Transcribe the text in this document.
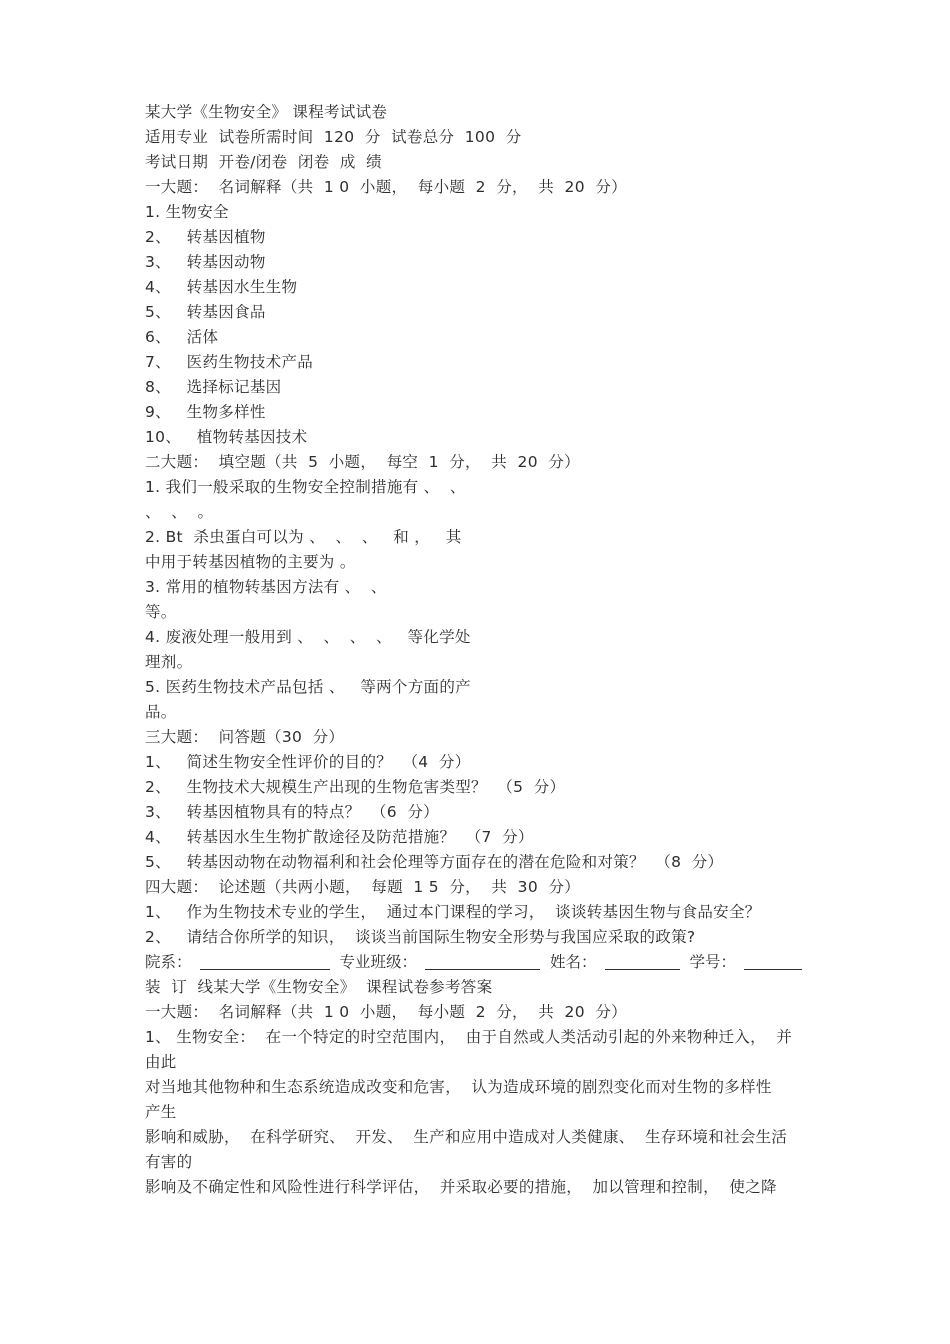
某大学《生物安全》 课程考试试卷
适用专业  试卷所需时间  120  分  试卷总分  100  分
考试日期  开卷/闭卷  闭卷  成  绩
一大题：  名词解释（共  1 0  小题，  每小题  2  分，  共  20  分）
1. 生物安全
2、   转基因植物
3、   转基因动物
4、   转基因水生生物
5、   转基因食品
6、   活体
7、   医药生物技术产品
8、   选择标记基因
9、   生物多样性
10、   植物转基因技术
二大题：  填空题（共  5  小题，  每空  1  分，  共  20  分）
1. 我们一般采取的生物安全控制措施有 、  、
、  、  。
2. Bt  杀虫蛋白可以为 、  、  、   和 ，   其
中用于转基因植物的主要为 。
3. 常用的植物转基因方法有 、  、
等。
4. 废液处理一般用到 、  、  、  、   等化学处
理剂。
5. 医药生物技术产品包括 、   等两个方面的产
品。
三大题：  问答题（30  分）
1、   简述生物安全性评价的目的？  （4  分）
2、   生物技术大规模生产出现的生物危害类型？  （5  分）
3、   转基因植物具有的特点？  （6  分）
4、   转基因水生生物扩散途径及防范措施？  （7  分）
5、   转基因动物在动物福利和社会伦理等方面存在的潜在危险和对策？  （8  分）
四大题：  论述题（共两小题，  每题  1 5  分，  共  30  分）
1、   作为生物技术专业的学生，  通过本门课程的学习，  谈谈转基因生物与食品安全？
2、   请结合你所学的知识，  谈谈当前国际生物安全形势与我国应采取的政策?
院系：	专业班级：	姓名：	学号：
装  订  线某大学《生物安全》  课程试卷参考答案
一大题：  名词解释（共  1 0  小题，  每小题  2  分，  共  20  分）
1、 生物安全：  在一个特定的时空范围内，  由于自然或人类活动引起的外来物种迁入，  并
由此
对当地其他物种和生态系统造成改变和危害，  认为造成环境的剧烈变化而对生物的多样性
产生
影响和威胁，  在科学研究、  开发、  生产和应用中造成对人类健康、  生存环境和社会生活
有害的
影响及不确定性和风险性进行科学评估，  并采取必要的措施，  加以管理和控制，  使之降
